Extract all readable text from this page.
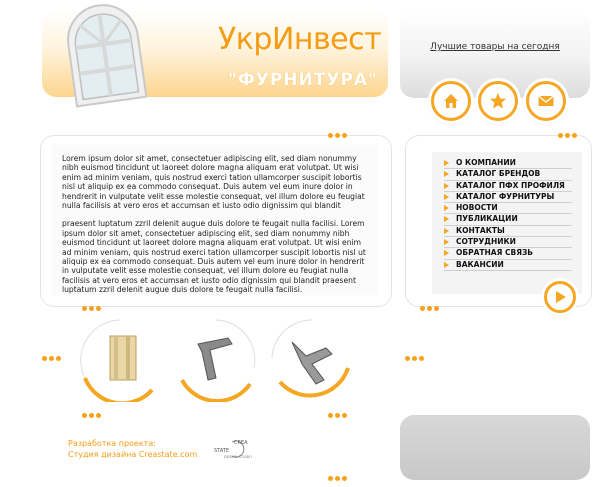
УкрИнвест
"ФУРНИТУРА"
Лучшие товары на сегодня

Lorem ipsum dolor sit amet, consectetuer adipiscing elit, sed diam nonummy nibh euismod tincidunt ut laoreet dolore magna aliquam erat volutpat. Ut wisi enim ad minim veniam, quis nostrud exerci tation ullamcorper suscipit lobortis nisl ut aliquip ex ea commodo consequat. Duis autem vel eum inure dolor in hendrerit in vulputate velit esse molestie consequat, vel illum dolore eu feugiat nulla facilisis at vero eros et accumsan et iusto odio dignissim qui blandit

praesent luptatum zzril delenit augue duis dolore te feugait nulla facilisi. Lorem ipsum dolor sit amet, consectetuer adipiscing elit, sed diam nonummy nibh euismod tincidunt ut laoreet dolore magna aliquam erat volutpat. Ut wisi enim ad minim veniam, quis nostrud exerci tation ullamcorper suscipit lobortis nisl ut aliquip ex ea commodo consequat. Duis autem vel eum inure dolor in hendrerit in vulputate velit esse molestie consequat, vel illum dolore eu feugiat nulla facilisis at vero eros et accumsan et iusto odio dignissim qui blandit praesent luptatum zzril delenit augue duis dolore te feugait nulla facilisi.

О КОМПАНИИ
КАТАЛОГ БРЕНДОВ
КАТАЛОГ ПФХ ПРОФИЛЯ
КАТАЛОГ ФУРНИТУРЫ
НОВОСТИ
ПУБЛИКАЦИИ
КОНТАКТЫ
СОТРУДНИКИ
ОБРАТНАЯ СВЯЗЬ
ВАКАНСИИ
Разработка проекта:
Студия дизайна Creastate.com
CREA
STATE
DESIGN STUDIO
